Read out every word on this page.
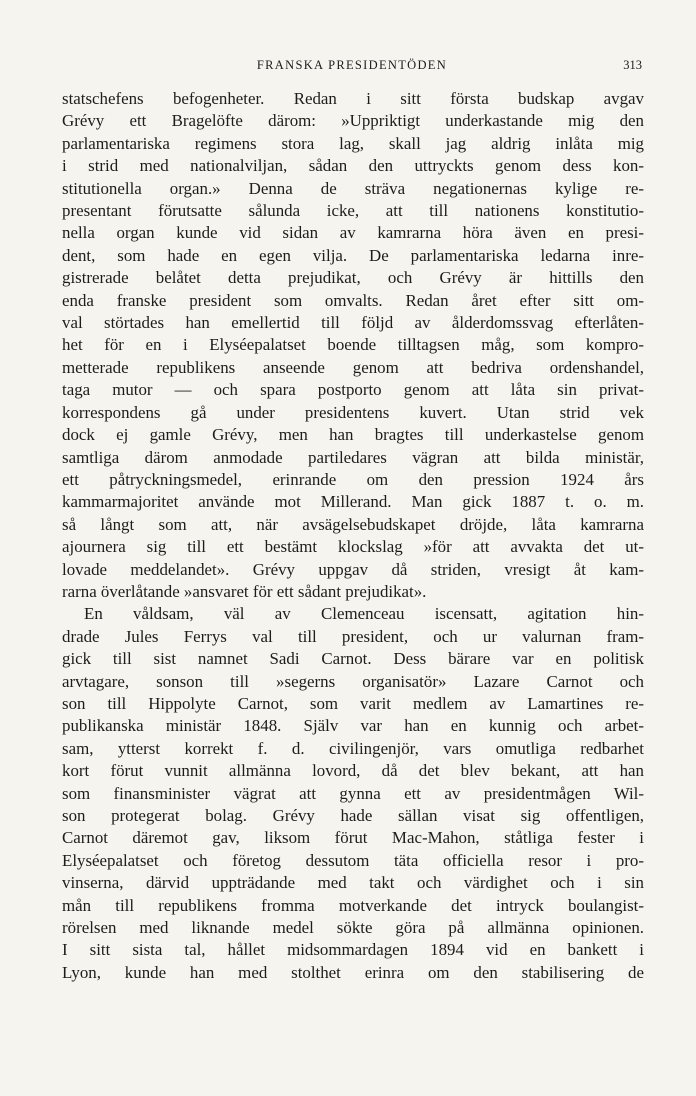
FRANSKA PRESIDENTÖDEN	313
statschefens befogenheter. Redan i sitt första budskap avgav
Grévy ett Bragelöfte därom: »Uppriktigt underkastande mig den
parlamentariska regimens stora lag, skall jag aldrig inlåta mig
i strid med nationalviljan, sådan den uttryckts genom dess kon-
stitutionella organ.» Denna de sträva negationernas kylige re-
presentant förutsatte sålunda icke, att till nationens konstitutio-
nella organ kunde vid sidan av kamrarna höra även en presi-
dent, som hade en egen vilja. De parlamentariska ledarna inre-
gistrerade belåtet detta prejudikat, och Grévy är hittills den
enda franske president som omvalts. Redan året efter sitt om-
val störtades han emellertid till följd av ålderdomssvag efterlåten-
het för en i Elyséepalatset boende tilltagsen måg, som kompro-
metterade republikens anseende genom att bedriva ordenshandel,
taga mutor — och spara postporto genom att låta sin privat-
korrespondens gå under presidentens kuvert. Utan strid vek
dock ej gamle Grévy, men han bragtes till underkastelse genom
samtliga därom anmodade partiledares vägran att bilda ministär,
ett påtryckningsmedel, erinrande om den pression 1924 års
kammarmajoritet använde mot Millerand. Man gick 1887 t. o. m.
så långt som att, när avsägelsebudskapet dröjde, låta kamrarna
ajournera sig till ett bestämt klockslag »för att avvakta det ut-
lovade meddelandet». Grévy uppgav då striden, vresigt åt kam-
rarna överlåtande »ansvaret för ett sådant prejudikat».
En våldsam, väl av Clemenceau iscensatt, agitation hin-
drade Jules Ferrys val till president, och ur valurnan fram-
gick till sist namnet Sadi Carnot. Dess bärare var en politisk
arvtagare, sonson till »segerns organisatör» Lazare Carnot och
son till Hippolyte Carnot, som varit medlem av Lamartines re-
publikanska ministär 1848. Själv var han en kunnig och arbet-
sam, ytterst korrekt f. d. civilingenjör, vars omutliga redbarhet
kort förut vunnit allmänna lovord, då det blev bekant, att han
som finansminister vägrat att gynna ett av presidentmågen Wil-
son protegerat bolag. Grévy hade sällan visat sig offentligen,
Carnot däremot gav, liksom förut Mac-Mahon, ståtliga fester i
Elyséepalatset och företog dessutom täta officiella resor i pro-
vinserna, därvid uppträdande med takt och värdighet och i sin
mån till republikens fromma motverkande det intryck boulangist-
rörelsen med liknande medel sökte göra på allmänna opinionen.
I sitt sista tal, hållet midsommardagen 1894 vid en bankett i
Lyon, kunde han med stolthet erinra om den stabilisering de
